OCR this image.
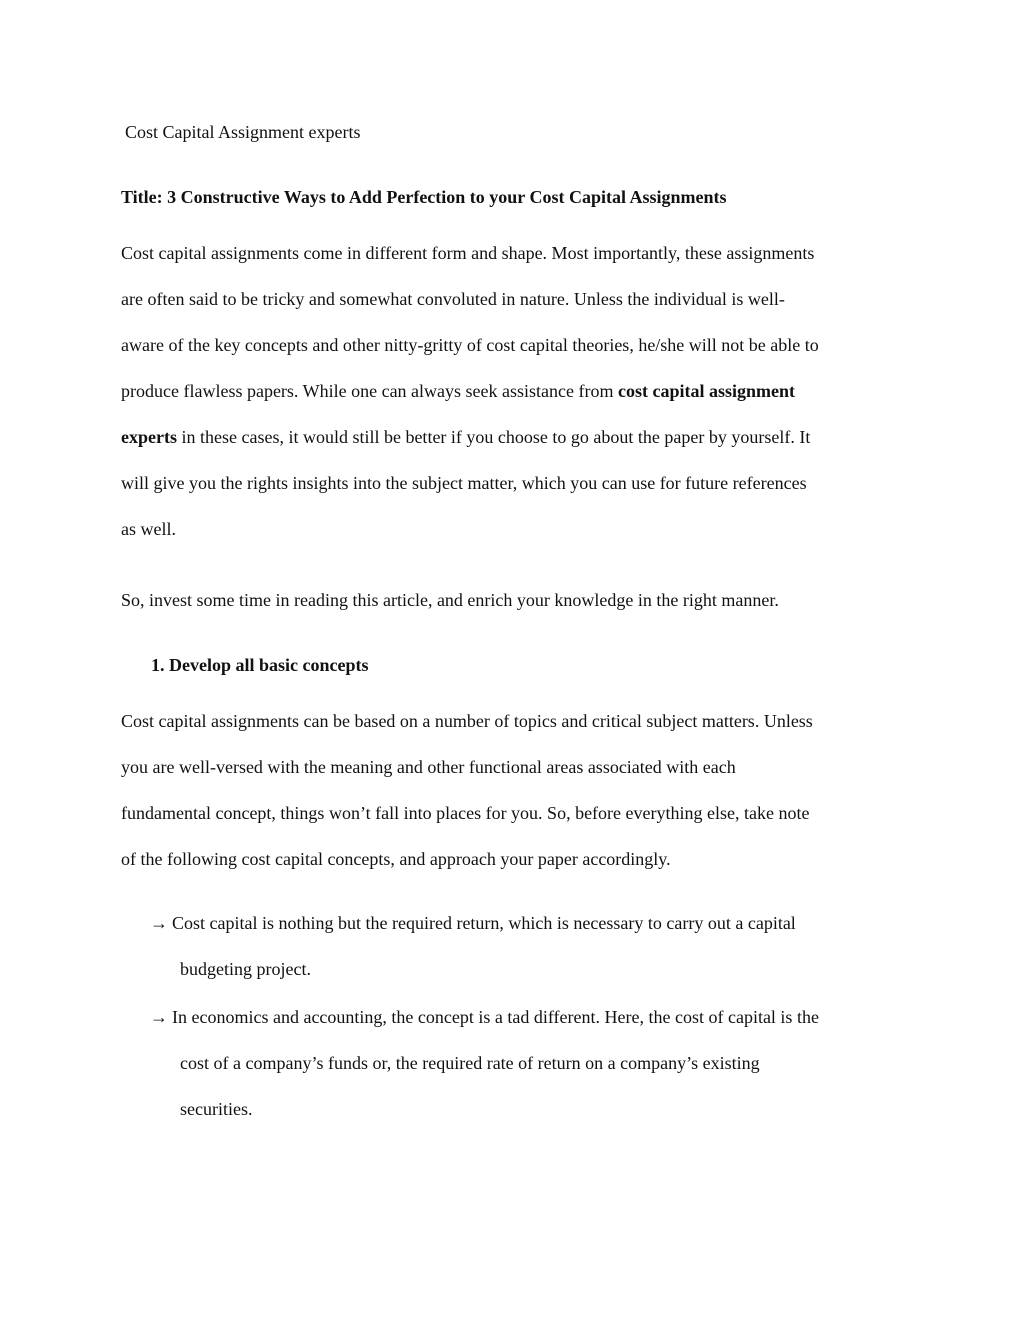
Cost Capital Assignment experts

Title: 3 Constructive Ways to Add Perfection to your Cost Capital Assignments

Cost capital assignments come in different form and shape. Most importantly, these assignments

are often said to be tricky and somewhat convoluted in nature. Unless the individual is well-

aware of the key concepts and other nitty-gritty of cost capital theories, he/she will not be able to

produce flawless papers. While one can always seek assistance from cost capital assignment

experts in these cases, it would still be better if you choose to go about the paper by yourself. It

will give you the rights insights into the subject matter, which you can use for future references

as well.

So, invest some time in reading this article, and enrich your knowledge in the right manner.

1. Develop all basic concepts

Cost capital assignments can be based on a number of topics and critical subject matters. Unless

you are well-versed with the meaning and other functional areas associated with each

fundamental concept, things won’t fall into places for you. So, before everything else, take note

of the following cost capital concepts, and approach your paper accordingly.

→ Cost capital is nothing but the required return, which is necessary to carry out a capital

budgeting project.

→ In economics and accounting, the concept is a tad different. Here, the cost of capital is the

cost of a company’s funds or, the required rate of return on a company’s existing

securities.
